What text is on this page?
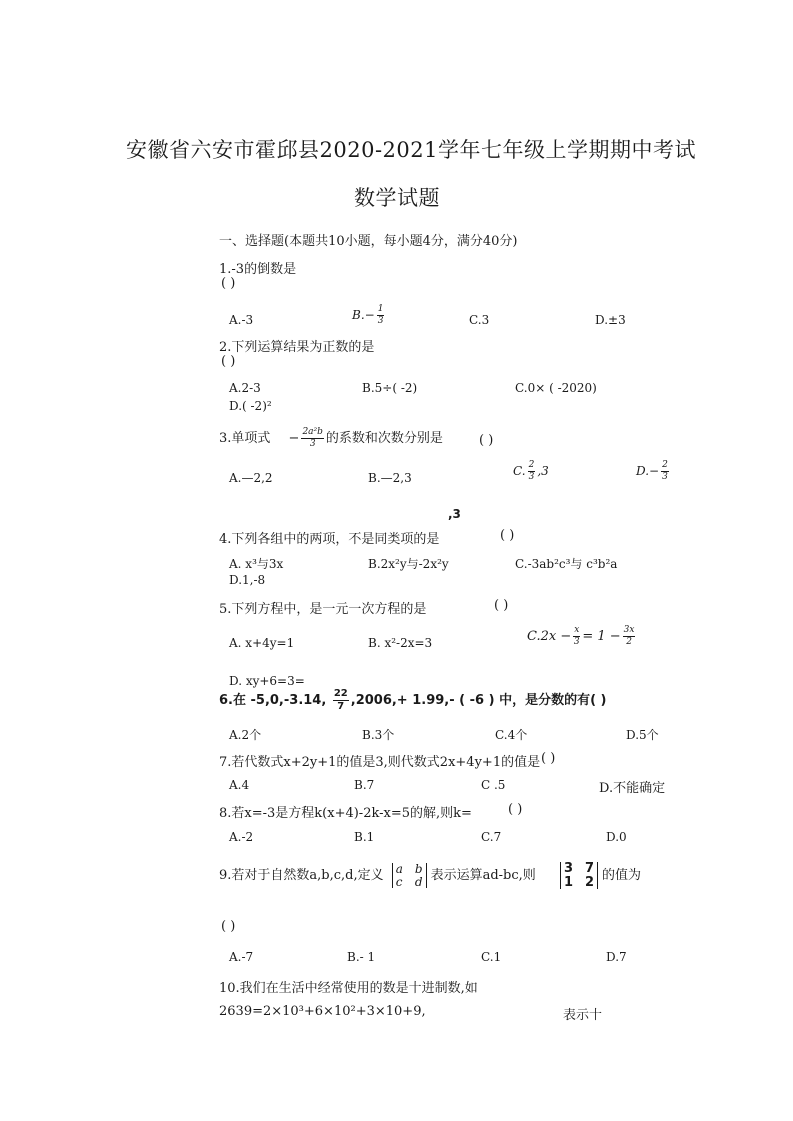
安徽省六安市霍邱县2020-2021学年七年级上学期期中考试
数学试题
一、选择题(本题共10小题，每小题4分，满分40分)
1.-3的倒数是
( )
A.-3	$B.- \frac{1}{3}$	C.3	D.±3
2.下列运算结果为正数的是
( )
A.2-3	B.5÷( -2)	C.0× ( -2020)
D.( -2)²
3.单项式 − $\frac{\text{2a²b}}{3}$ 的系数和次数分别是	( )
A.—2,2	B.—2,3	C. $\frac{2}{3} ,3$	$D.- \frac{2}{3}$
,3
4.下列各组中的两项，不是同类项的是	( )
A. x³与3x	B.2x²y与-2x²y	C.-3ab²c³与 c³b²a
D.1,-8
5.下列方程中，是一元一次方程的是	( )
A. x+4y=1	B. x²-2x=3	$C.2x - \frac{x}{3} = 1 - \frac{3x}{2}$
D. xy+6=3=
6.在 -5,0,-3.14, $\frac{22}{7} ,2006,+ 1.99,-$ ( -6 ) 中，是分数的有( )
A.2个	B.3个	C.4个	D.5个
7.若代数式x+2y+1的值是3,则代数式2x+4y+1的值是 ( )
A.4	B.7	C .5	D.不能确定
8.若x=-3是方程k(x+4)-2k-x=5的解,则k=	( )
A.-2	B.1	C.7	D.0
9.若对于自然数a,b,c,d,定义 a b
c d 表示运算ad-bc,则 3 7
1 2 的值为
( )
A.-7	B.- 1	C.1	D.7
10.我们在生活中经常使用的数是十进制数,如
2639=2×10³+6×10²+3×10+9,	表示十
